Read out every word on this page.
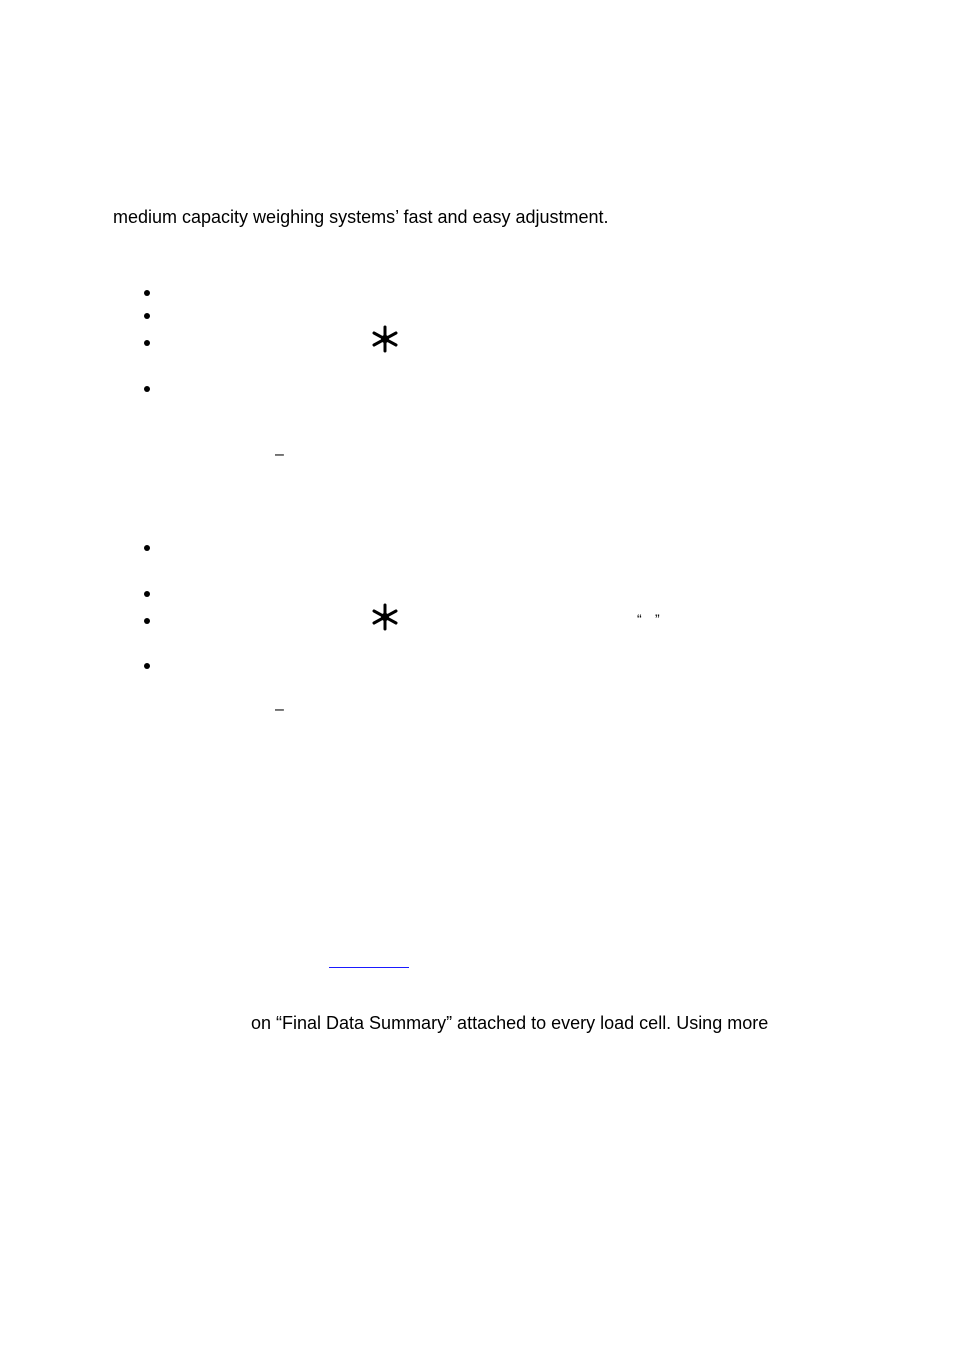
medium capacity weighing systems’ fast and easy adjustment.
–
“ ”
–
on “Final Data Summary” attached to every load cell. Using more
